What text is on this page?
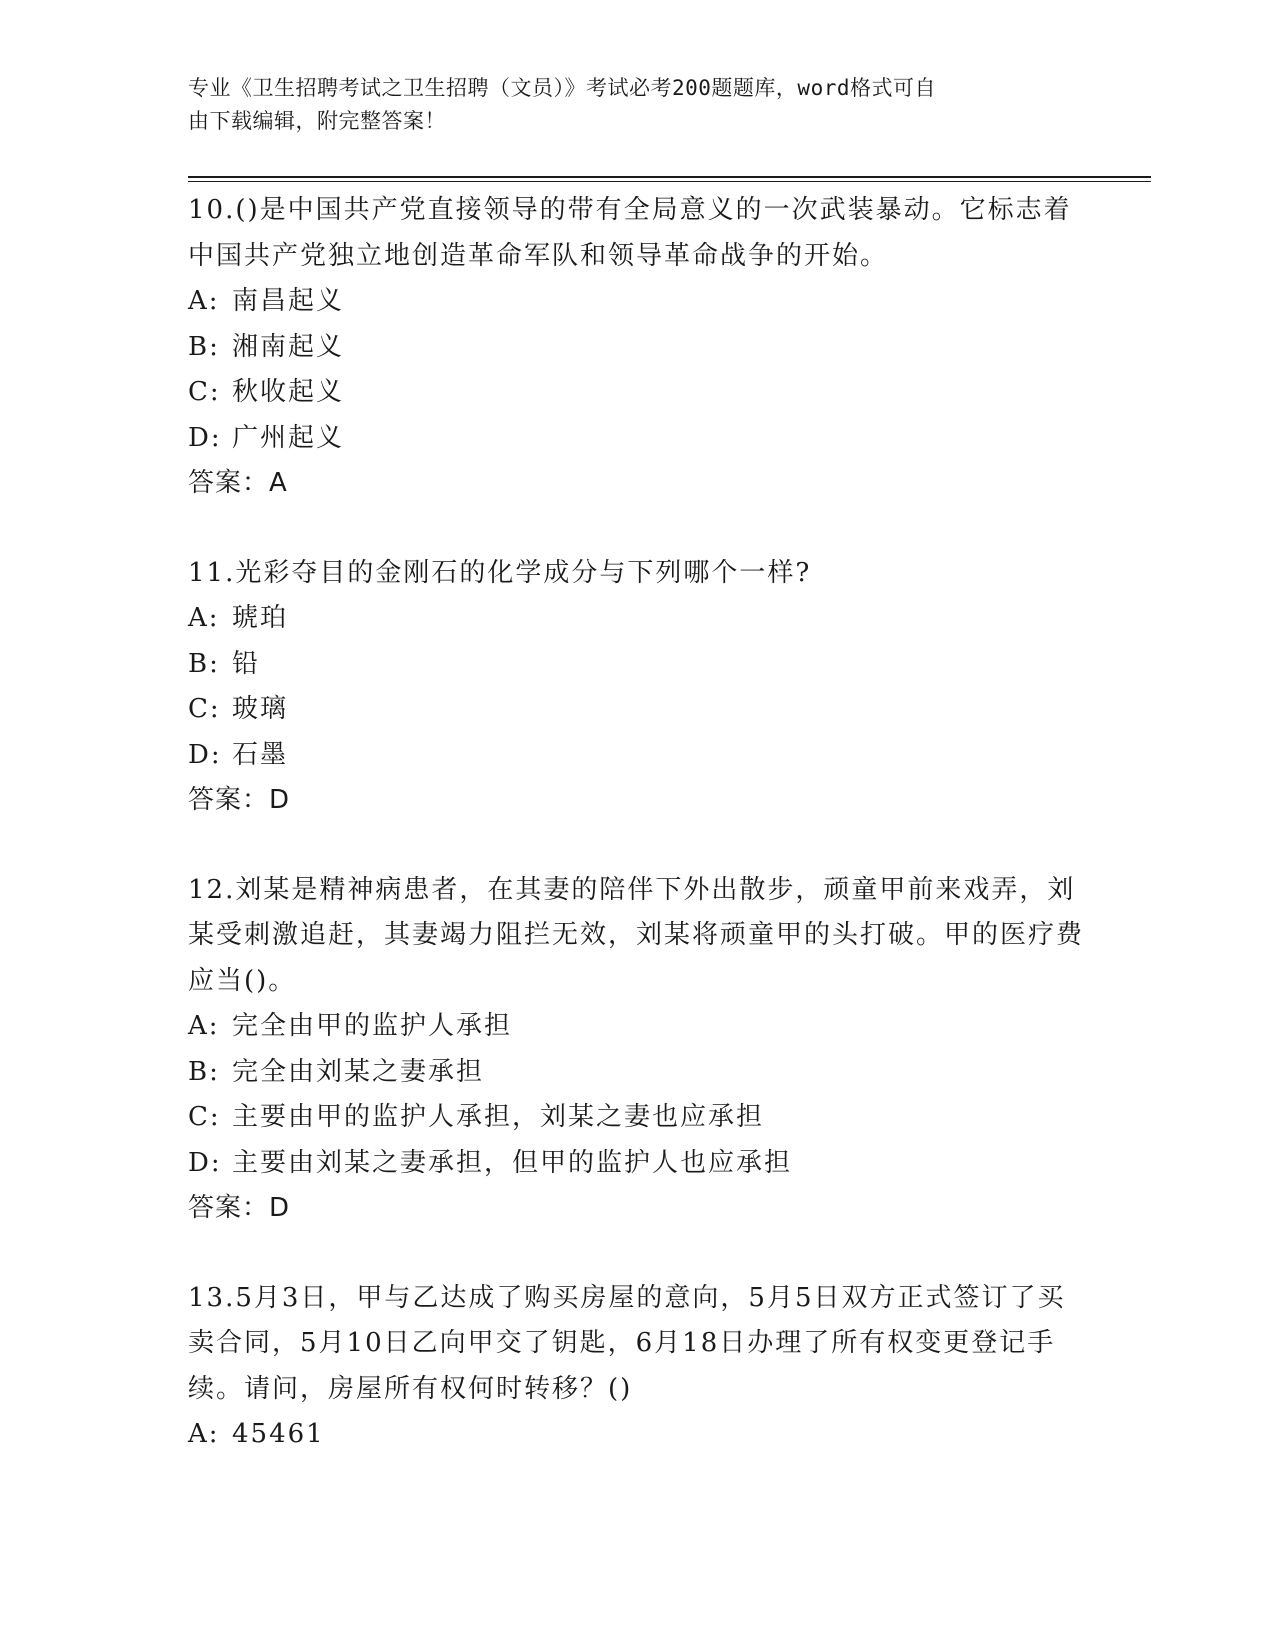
专业《卫生招聘考试之卫生招聘（文员）》考试必考200题题库，word格式可自
由下载编辑，附完整答案！

10.()是中国共产党直接领导的带有全局意义的一次武装暴动。它标志着中国共产党独立地创造革命军队和领导革命战争的开始。

A: 南昌起义

B: 湘南起义

C: 秋收起义

D: 广州起义

答案：A

11.光彩夺目的金刚石的化学成分与下列哪个一样?

A: 琥珀

B: 铅

C: 玻璃

D: 石墨

答案：D

12.刘某是精神病患者，在其妻的陪伴下外出散步，顽童甲前来戏弄，刘某受刺激追赶，其妻竭力阻拦无效，刘某将顽童甲的头打破。甲的医疗费应当()。

A: 完全由甲的监护人承担

B: 完全由刘某之妻承担

C: 主要由甲的监护人承担，刘某之妻也应承担

D: 主要由刘某之妻承担，但甲的监护人也应承担

答案：D

13.5月3日，甲与乙达成了购买房屋的意向，5月5日双方正式签订了买卖合同，5月10日乙向甲交了钥匙，6月18日办理了所有权变更登记手续。请问，房屋所有权何时转移？()

A: 45461
